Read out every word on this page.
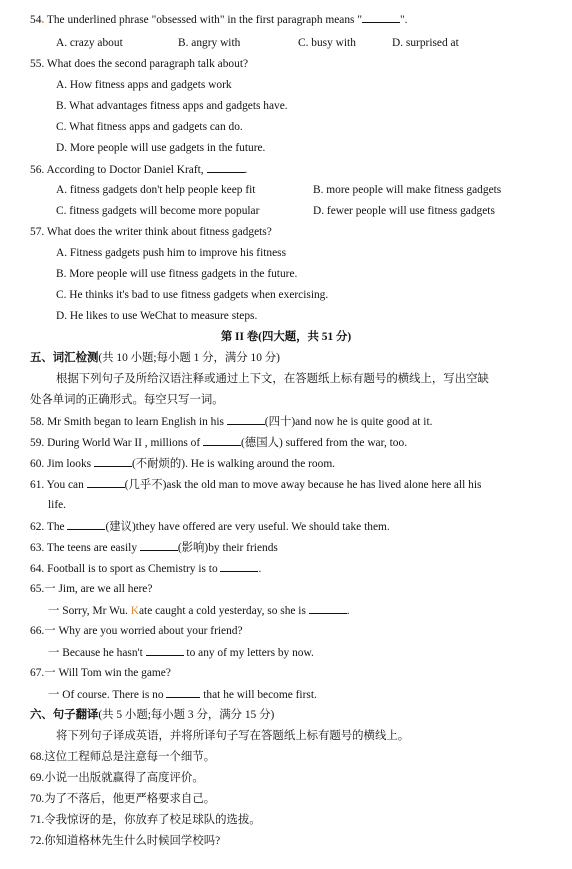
54. The underlined phrase "obsessed with" in the first paragraph means "	".
A. crazy about	B. angry with	C. busy with	D. surprised at
55. What does the second paragraph talk about?
A. How fitness apps and gadgets work
B. What advantages fitness apps and gadgets have.
C. What fitness apps and gadgets can do.
D. More people will use gadgets in the future.
56. According to Doctor Daniel Kraft,	.
A. fitness gadgets don't help people keep fit	B. more people will make fitness gadgets
C. fitness gadgets will become more popular	D. fewer people will use fitness gadgets
57. What does the writer think about fitness gadgets?
A. Fitness gadgets push him to improve his fitness
B. More people will use fitness gadgets in the future.
C. He thinks it's bad to use fitness gadgets when exercising.
D. He likes to use WeChat to measure steps.
第 II 卷(四大题，共 51 分)
五、词汇检测(共 10 小题;每小题 1 分，满分 10 分)
根据下列句子及所给汉语注释或通过上下文，在答题纸上标有题号的横线上，写出空缺
处各单词的正确形式。每空只写一词。
58. Mr Smith began to learn English in his	(四十)and now he is quite good at it.
59. During World War II , millions of	(德国人) suffered from the war, too.
60. Jim looks	(不耐烦的). He is walking around the room.
61. You can	(几乎不)ask the old man to move away because he has lived alone here all his
life.
62. The	(建议)they have offered are very useful. We should take them.
63. The teens are easily	(影响)by their friends
64. Football is to sport as Chemistry is to	.
65.一 Jim, are we all here?
一 Sorry, Mr Wu. Kate caught a cold yesterday, so she is	.
66.一 Why are you worried about your friend?
一 Because he hasn't	to any of my letters by now.
67.一 Will Tom win the game?
一 Of course. There is no	that he will become first.
六、句子翻译(共 5 小题;每小题 3 分，满分 15 分)
将下列句子译成英语，并将所译句子写在答题纸上标有题号的横线上。
68.这位工程师总是注意每一个细节。
69.小说一出版就赢得了高度评价。
70.为了不落后，他更严格要求自己。
71.令我惊讶的是，你放弃了校足球队的选拔。
72.你知道格林先生什么时候回学校吗?
